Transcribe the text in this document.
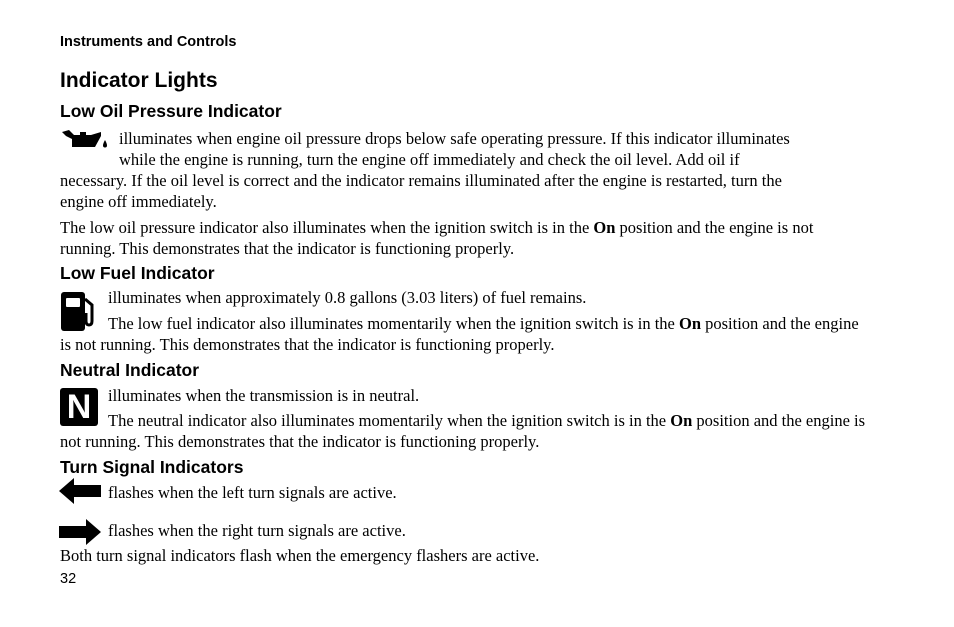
Instruments and Controls
Indicator Lights
Low Oil Pressure Indicator
illuminates when engine oil pressure drops below safe operating pressure. If this indicator illuminates
while the engine is running, turn the engine off immediately and check the oil level. Add oil if
necessary. If the oil level is correct and the indicator remains illuminated after the engine is restarted, turn the
engine off immediately.
The low oil pressure indicator also illuminates when the ignition switch is in the On position and the engine is not running. This demonstrates that the indicator is functioning properly.
Low Fuel Indicator
illuminates when approximately 0.8 gallons (3.03 liters) of fuel remains.
The low fuel indicator also illuminates momentarily when the ignition switch is in the On position and the engine is not running. This demonstrates that the indicator is functioning properly.
Neutral Indicator
N	illuminates when the transmission is in neutral.
The neutral indicator also illuminates momentarily when the ignition switch is in the On position and the engine is not running. This demonstrates that the indicator is functioning properly.
Turn Signal Indicators
flashes when the left turn signals are active.
flashes when the right turn signals are active.
Both turn signal indicators flash when the emergency flashers are active.
32
